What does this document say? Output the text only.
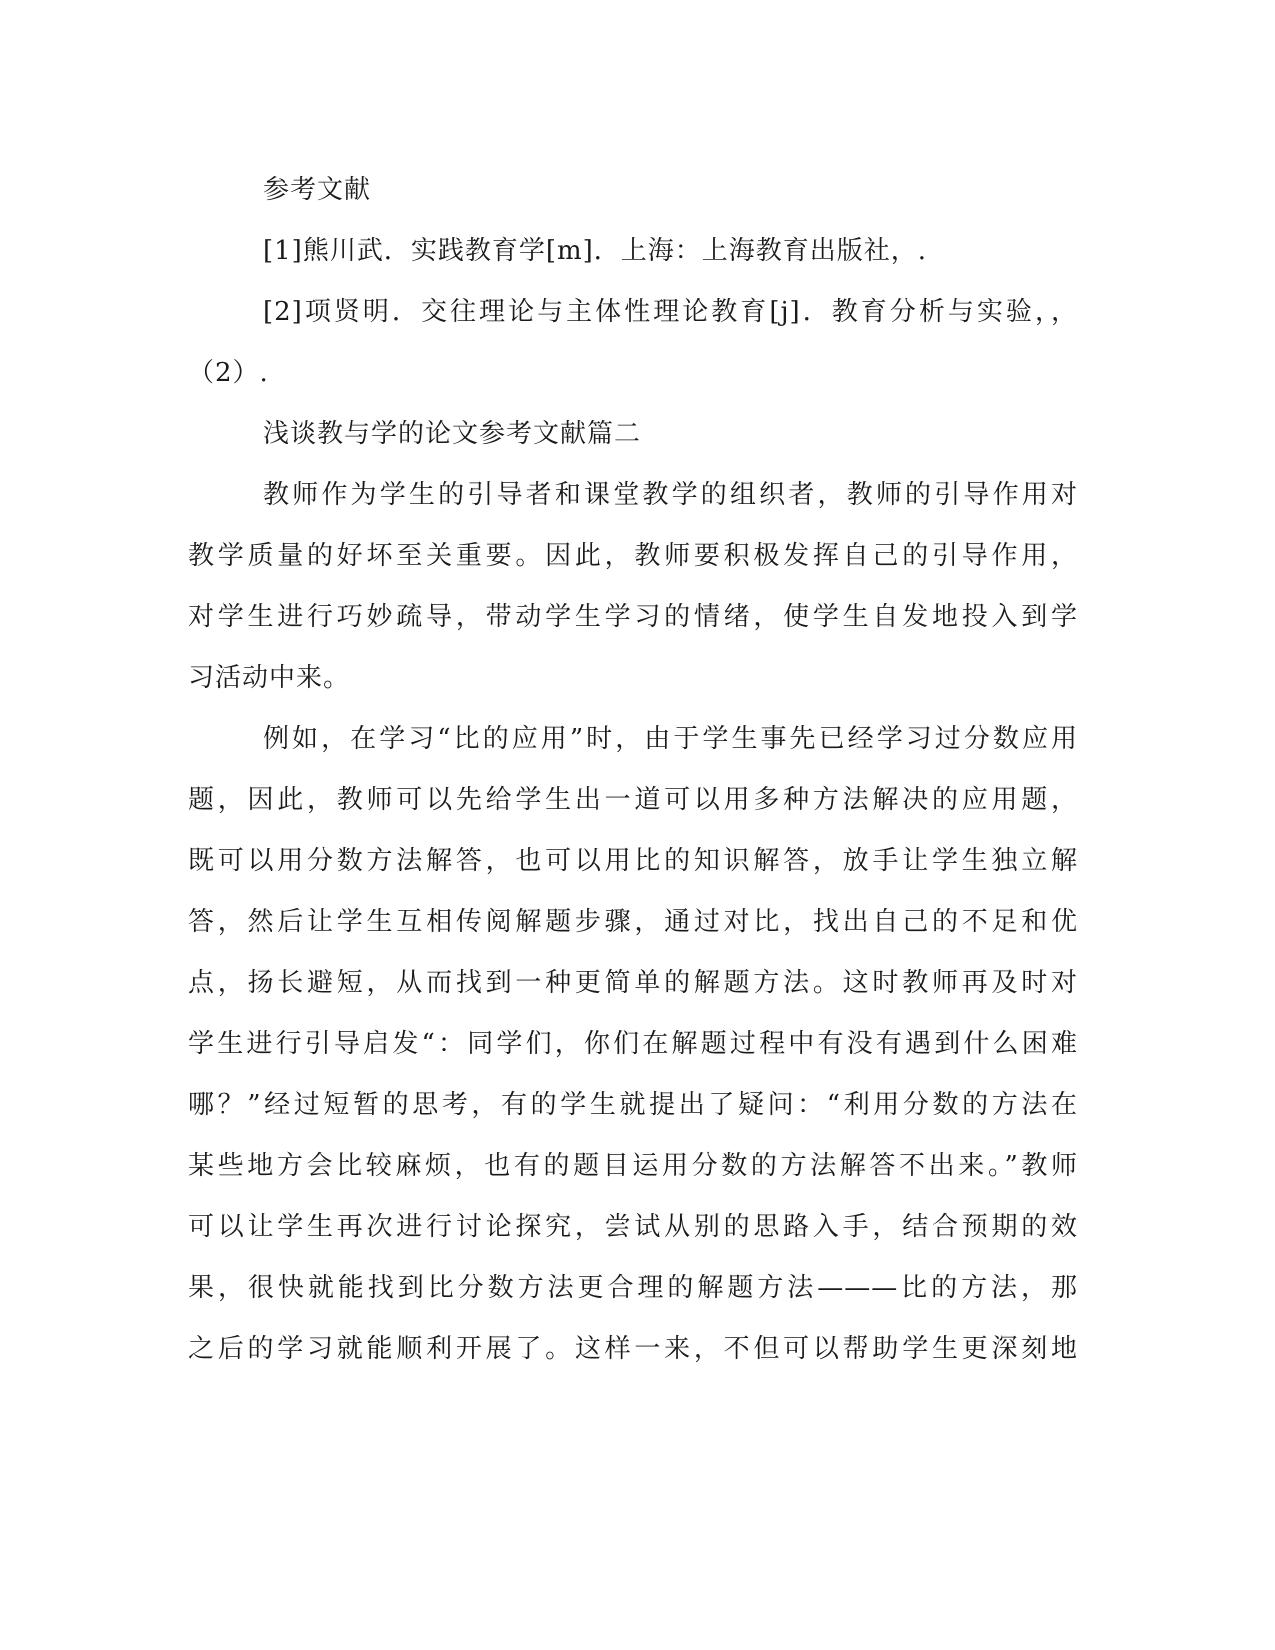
参考文献
[1]熊川武．实践教育学[m]．上海：上海教育出版社，.
[2]项贤明．交往理论与主体性理论教育[j]．教育分析与实验，，
（2）.
浅谈教与学的论文参考文献篇二
教师作为学生的引导者和课堂教学的组织者，教师的引导作用对
教学质量的好坏至关重要。因此，教师要积极发挥自己的引导作用，
对学生进行巧妙疏导，带动学生学习的情绪，使学生自发地投入到学
习活动中来。
例如，在学习“比的应用”时，由于学生事先已经学习过分数应用
题，因此，教师可以先给学生出一道可以用多种方法解决的应用题，
既可以用分数方法解答，也可以用比的知识解答，放手让学生独立解
答，然后让学生互相传阅解题步骤，通过对比，找出自己的不足和优
点，扬长避短，从而找到一种更简单的解题方法。这时教师再及时对
学生进行引导启发“：同学们，你们在解题过程中有没有遇到什么困难
哪？”经过短暂的思考，有的学生就提出了疑问：“利用分数的方法在
某些地方会比较麻烦，也有的题目运用分数的方法解答不出来。”教师
可以让学生再次进行讨论探究，尝试从别的思路入手，结合预期的效
果，很快就能找到比分数方法更合理的解题方法———比的方法，那
之后的学习就能顺利开展了。这样一来，不但可以帮助学生更深刻地
